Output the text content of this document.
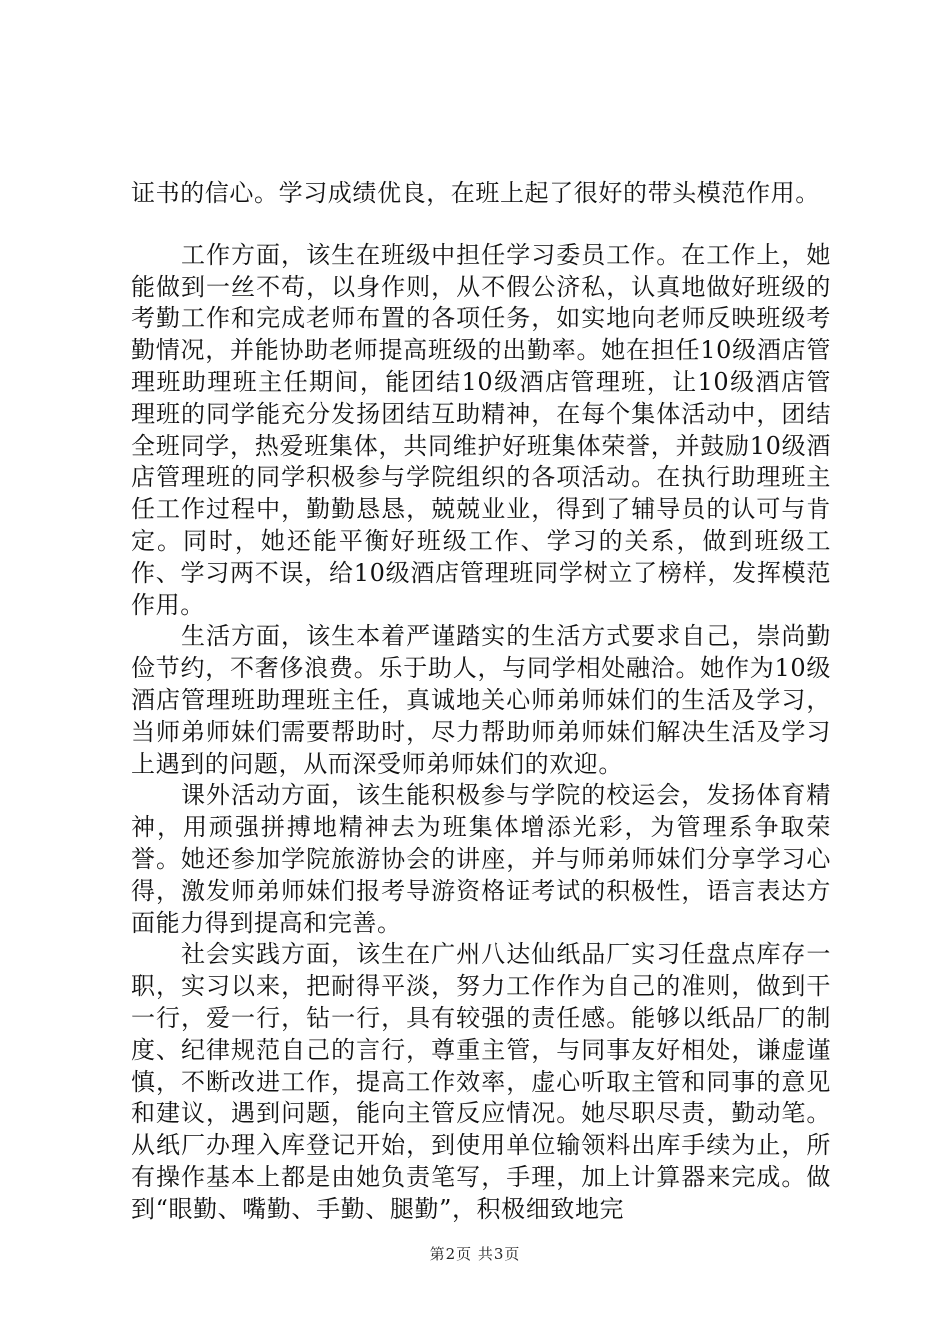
证书的信心。学习成绩优良，在班上起了很好的带头模范作用。

工作方面，该生在班级中担任学习委员工作。在工作上，她能做到一丝不苟，以身作则，从不假公济私，认真地做好班级的考勤工作和完成老师布置的各项任务，如实地向老师反映班级考勤情况，并能协助老师提高班级的出勤率。她在担任10级酒店管理班助理班主任期间，能团结10级酒店管理班，让10级酒店管理班的同学能充分发扬团结互助精神，在每个集体活动中，团结全班同学，热爱班集体，共同维护好班集体荣誉，并鼓励10级酒店管理班的同学积极参与学院组织的各项活动。在执行助理班主任工作过程中，勤勤恳恳，兢兢业业，得到了辅导员的认可与肯定。同时，她还能平衡好班级工作、学习的关系，做到班级工作、学习两不误，给10级酒店管理班同学树立了榜样，发挥模范作用。

生活方面，该生本着严谨踏实的生活方式要求自己，崇尚勤俭节约，不奢侈浪费。乐于助人，与同学相处融洽。她作为10级酒店管理班助理班主任，真诚地关心师弟师妹们的生活及学习，当师弟师妹们需要帮助时，尽力帮助师弟师妹们解决生活及学习上遇到的问题，从而深受师弟师妹们的欢迎。

课外活动方面，该生能积极参与学院的校运会，发扬体育精神，用顽强拼搏地精神去为班集体增添光彩，为管理系争取荣誉。她还参加学院旅游协会的讲座，并与师弟师妹们分享学习心得，激发师弟师妹们报考导游资格证考试的积极性，语言表达方面能力得到提高和完善。

社会实践方面，该生在广州八达仙纸品厂实习任盘点库存一职，实习以来，把耐得平淡，努力工作作为自己的准则，做到干一行，爱一行，钻一行，具有较强的责任感。能够以纸品厂的制度、纪律规范自己的言行，尊重主管，与同事友好相处，谦虚谨慎，不断改进工作，提高工作效率，虚心听取主管和同事的意见和建议，遇到问题，能向主管反应情况。她尽职尽责，勤动笔。从纸厂办理入库登记开始，到使用单位输领料出库手续为止，所有操作基本上都是由她负责笔写，手理，加上计算器来完成。做到“眼勤、嘴勤、手勤、腿勤”，积极细致地完

第2页 共3页
